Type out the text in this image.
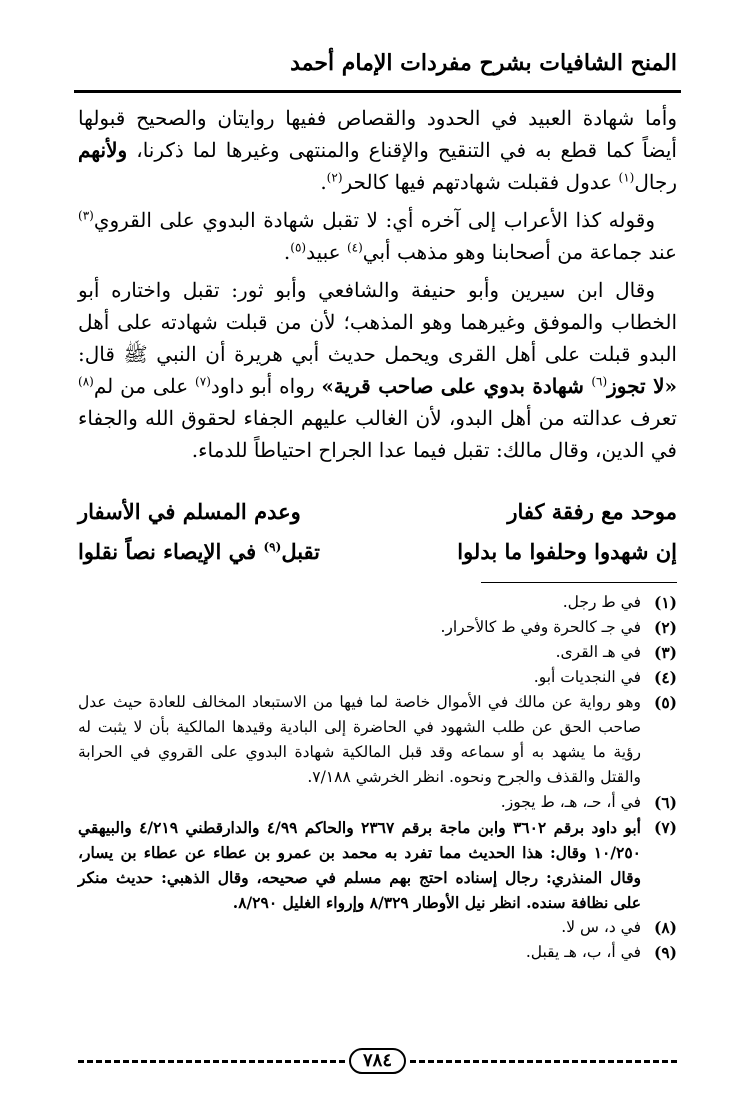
المنح الشافيات بشرح مفردات الإمام أحمد

وأما شهادة العبيد في الحدود والقصاص ففيها روايتان والصحيح قبولها أيضاً كما قطع به في التنقيح والإقناع والمنتهى وغيرها لما ذكرنا، ولأنهم رجال$^{(١)}$ عدول فقبلت شهادتهم فيها كالحر$^{(٢)}$.

وقوله كذا الأعراب إلى آخره أي: لا تقبل شهادة البدوي على القروي$^{(٣)}$ عند جماعة من أصحابنا وهو مذهب أبي$^{(٤)}$ عبيد$^{(٥)}$.

وقال ابن سيرين وأبو حنيفة والشافعي وأبو ثور: تقبل واختاره أبو الخطاب والموفق وغيرهما وهو المذهب؛ لأن من قبلت شهادته على أهل البدو قبلت على أهل القرى ويحمل حديث أبي هريرة أن النبي ﷺ قال: «لا تجوز$^{(٦)}$ شهادة بدوي على صاحب قرية» رواه أبو داود$^{(٧)}$ على من لم$^{(٨)}$ تعرف عدالته من أهل البدو، لأن الغالب عليهم الجفاء لحقوق الله والجفاء في الدين، وقال مالك: تقبل فيما عدا الجراح احتياطاً للدماء.

موحد مع رفقة كفار
وعدم المسلم في الأسفار
إن شهدوا وحلفوا ما بدلوا
تقبل$^{(٩)}$ في الإيصاء نصاً نقلوا
(١)
في ط رجل.
(٢)
في جـ كالحرة وفي ط كالأحرار.
(٣)
في هـ القرى.
(٤)
في النجديات أبو.
(٥)
وهو رواية عن مالك في الأموال خاصة لما فيها من الاستبعاد المخالف للعادة حيث عدل صاحب الحق عن طلب الشهود في الحاضرة إلى البادية وقيدها المالكية بأن لا يثبت له رؤية ما يشهد به أو سماعه وقد قبل المالكية شهادة البدوي على القروي في الحرابة والقتل والقذف والجرح ونحوه. انظر الخرشي ٧/١٨٨.
(٦)
في أ، حـ، هـ، ط يجوز.
(٧)
أبو داود برقم ٣٦٠٢ وابن ماجة برقم ٢٣٦٧ والحاكم ٤/٩٩ والدارقطني ٤/٢١٩ والبيهقي ١٠/٢٥٠ وقال: هذا الحديث مما تفرد به محمد بن عمرو بن عطاء عن عطاء بن يسار، وقال المنذري: رجال إسناده احتج بهم مسلم في صحيحه، وقال الذهبي: حديث منكر على نظافة سنده. انظر نيل الأوطار ٨/٣٢٩ وإرواء الغليل ٨/٢٩٠.
(٨)
في د، س لا.
(٩)
في أ، ب، هـ يقبل.
٧٨٤
